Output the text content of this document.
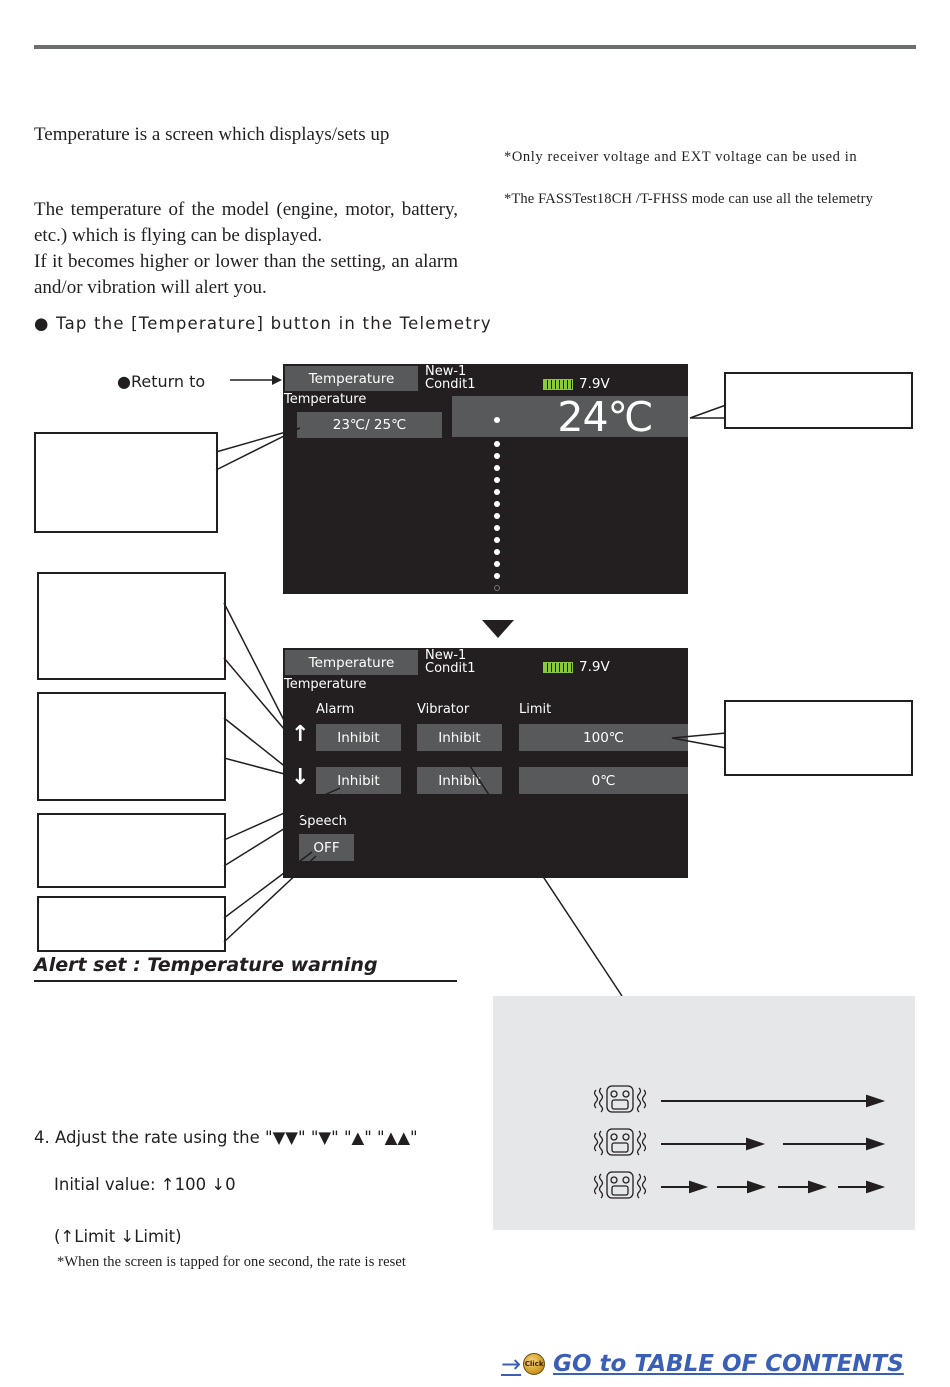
Temperature is a screen which displays/sets up
The temperature of the model (engine, motor, battery, etc.) which is flying can be displayed.
If it becomes higher or lower than the setting, an alarm and/or vibration will alert you.
*Only receiver voltage and EXT voltage can be used in
*The FASSTest18CH /T-FHSS mode can use all the telemetry
● Tap the [Temperature] button in the Telemetry
●Return to	Temperature	New-1
Condit1	7.9V
Temperature
23℃/ 25℃	24℃
Temperature	New-1
Condit1	7.9V
Temperature
Alarm	Vibrator	Limit
↑	Inhibit	Inhibit	100℃
↓	Inhibit	Inhibit	0℃
Speech
OFF
Alert set : Temperature warning
4. Adjust the rate using the "▼▼" "▼" "▲" "▲▲"
Initial value: ↑100 ↓0
(↑Limit ↓Limit)
*When the screen is tapped for one second, the rate is reset
→ Click GO to TABLE OF CONTENTS
